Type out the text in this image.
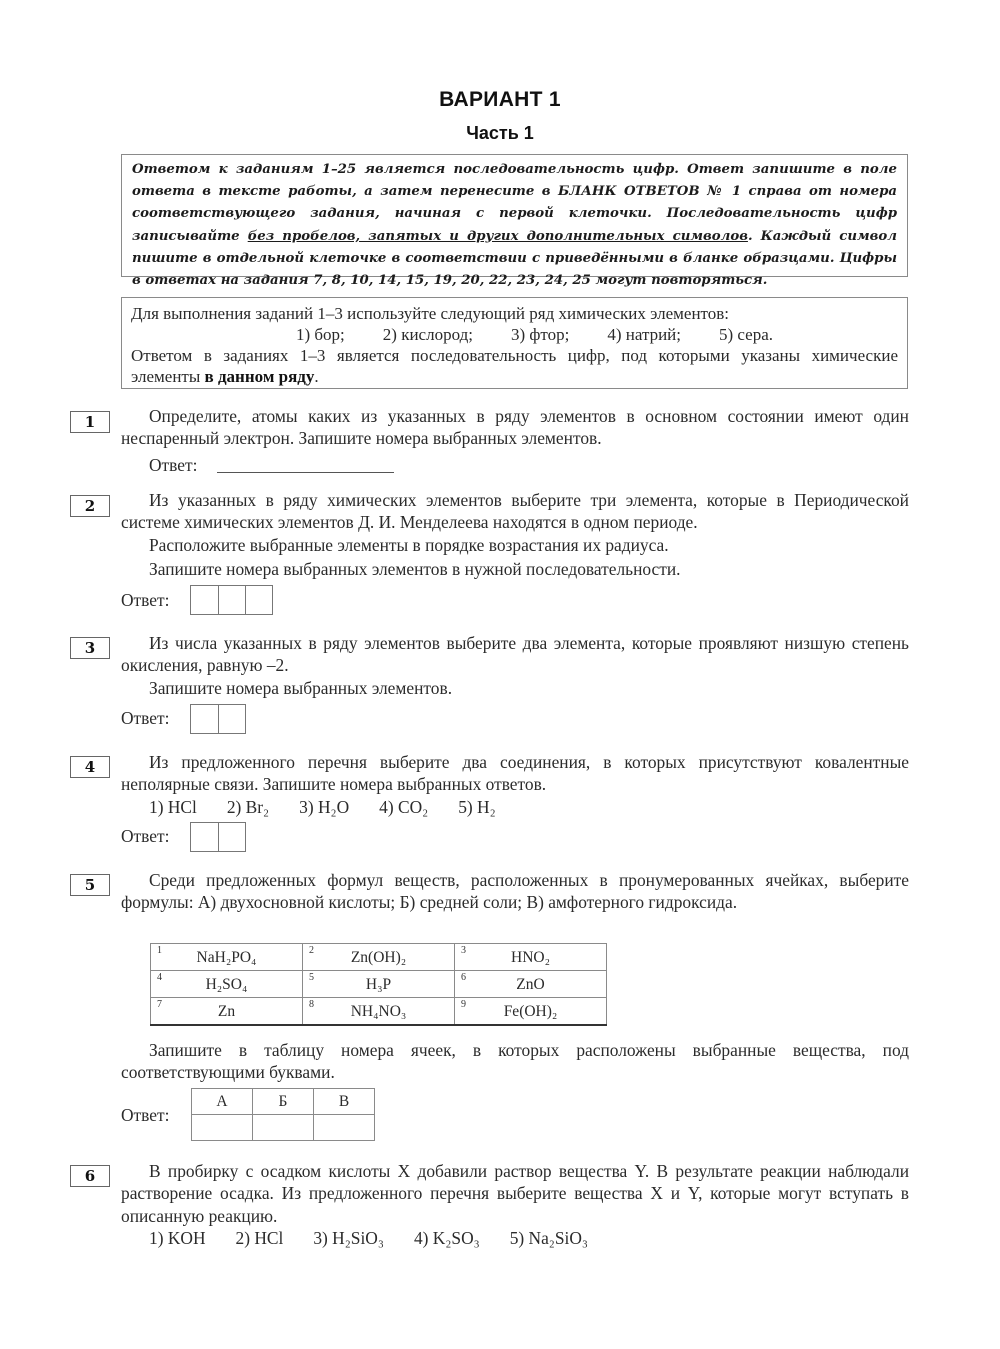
ВАРИАНТ 1
Часть 1
Ответом к заданиям 1–25 является последовательность цифр. Ответ запишите в поле ответа в тексте работы, а затем перенесите в БЛАНК ОТВЕТОВ № 1 справа от номера соответствующего задания, начиная с первой клеточки. Последовательность цифр записывайте без пробелов, запятых и других дополнительных символов. Каждый символ пишите в отдельной клеточке в соответствии с приведёнными в бланке образцами. Цифры в ответах на задания 7, 8, 10, 14, 15, 19, 20, 22, 23, 24, 25 могут повторяться.
Для выполнения заданий 1–3 используйте следующий ряд химических элементов:
1) бор; 2) кислород; 3) фтор; 4) натрий; 5) сера.
Ответом в заданиях 1–3 является последовательность цифр, под которыми указаны химические элементы в данном ряду.
1	Определите, атомы каких из указанных в ряду элементов в основном состоянии имеют один неспаренный электрон. Запишите номера выбранных элементов.

Ответ:
2	Из указанных в ряду химических элементов выберите три элемента, которые в Периодической системе химических элементов Д. И. Менделеева находятся в одном периоде.

Расположите выбранные элементы в порядке возрастания их радиуса.

Запишите номера выбранных элементов в нужной последовательности.

Ответ:
3	Из числа указанных в ряду элементов выберите два элемента, которые проявляют низшую степень окисления, равную –2.

Запишите номера выбранных элементов.

Ответ:
4	Из предложенного перечня выберите два соединения, в которых присутствуют ковалентные неполярные связи. Запишите номера выбранных ответов.

1) HCl 2) Br₂ 3) H₂O 4) CO₂ 5) H₂
Ответ:
5	Среди предложенных формул веществ, расположенных в пронумерованных ячейках, выберите формулы: А) двухосновной кислоты; Б) средней соли; В) амфотерного гидроксида.

1 NaH₂PO₄	2 Zn(OH)₂	3 HNO₂

4 H₂SO₄	5 H₃P	6 ZnO

7 Zn	8 NH₄NO₃	9 Fe(OH)₂

Запишите в таблицу номера ячеек, в которых расположены выбранные вещества, под соответствующими буквами.

Ответ:
А	Б	В

6	В пробирку с осадком кислоты X добавили раствор вещества Y. В результате реакции наблюдали растворение осадка. Из предложенного перечня выберите вещества X и Y, которые могут вступать в описанную реакцию.

1) KOH 2) HCl 3) H₂SiO₃ 4) K₂SO₃ 5) Na₂SiO₃
